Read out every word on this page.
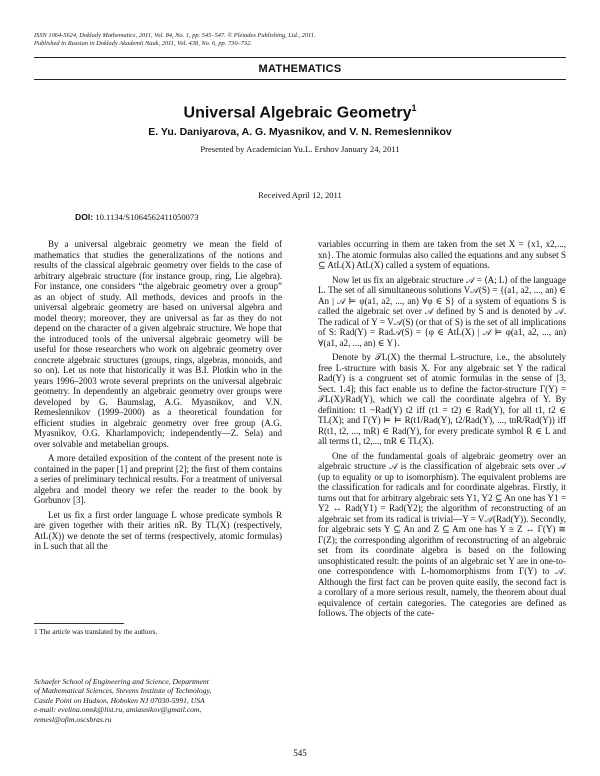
ISSN 1064-5624, Doklady Mathematics, 2011, Vol. 84, No. 1, pp. 545–547. © Pleiades Publishing, Ltd., 2011.
Published in Russian in Doklady Akademii Nauk, 2011, Vol. 438, No. 6, pp. 730–732.
MATHEMATICS
Universal Algebraic Geometry$^1$
E. Yu. Daniyarova, A. G. Myasnikov, and V. N. Remeslennikov
Presented by Academician Yu.L. Ershov January 24, 2011
Received April 12, 2011
DOI: 10.1134/S1064562411050073

By a universal algebraic geometry we mean the field of mathematics that studies the generalizations of the notions and results of the classical algebraic geometry over fields to the case of arbitrary algebraic structure (for instance group, ring, Lie algebra). For instance, one considers “the algebraic geometry over a group” as an object of study. All methods, devices and proofs in the universal algebraic geometry are based on universal algebra and model theory; moreover, they are universal as far as they do not depend on the character of a given algebraic structure. We hope that the introduced tools of the universal algebraic geometry will be useful for those researchers who work on algebraic geometry over concrete algebraic structures (groups, rings, algebras, monoids, and so on). Let us note that historically it was B.I. Plotkin who in the years 1996–2003 wrote several preprints on the universal algebraic geometry. In dependently an algebraic geometry over groups were developed by G. Baumslag, A.G. Myasnikov, and V.N. Remeslennikov (1999–2000) as a theoretical foundation for efficient studies in algebraic geometry over free group (A.G. Myasnikov, O.G. Kharlampovich; independently—Z. Sela) and over solvable and metabelian groups.

A more detailed exposition of the content of the present note is contained in the paper [1] and preprint [2]; the first of them contains a series of preliminary technical results. For a treatment of universal algebra and model theory we refer the reader to the book by Gorbunov [3].

Let us fix a first order language L whose predicate symbols R are given together with their arities nR. By TL(X) (respectively, AtL(X)) we denote the set of terms (respectively, atomic formulas) in L such that all the

variables occurring in them are taken from the set X = {x1, x2,..., xn}. The atomic formulas also called the equations and any subset S ⊆ AtL(X) AtL(X) called a system of equations.

Now let us fix an algebraic structure 𝒜 = ⟨A; L⟩ of the language L. The set of all simultaneous solutions V𝒜(S) = {(a1, a2, ..., an) ∈ An | 𝒜 ⊨ φ(a1, a2, ..., an) ∀φ ∈ S} of a system of equations S is called the algebraic set over 𝒜 defined by S and is denoted by 𝒜. The radical of Y = V𝒜(S) (or that of S) is the set of all implications of S: Rad(Y) = Rad𝒜(S) = {φ ∈ AtL(X) | 𝒜 ⊨ φ(a1, a2, ..., an) ∀(a1, a2, ..., an) ∈ Y}.

Denote by 𝒯L(X) the thermal L-structure, i.e., the absolutely free L-structure with basis X. For any algebraic set Y the radical Rad(Y) is a congruent set of atomic formulas in the sense of [3, Sect. 1.4]; this fact enable us to define the factor-structure Γ(Y) = 𝒯L(X)/Rad(Y), which we call the coordinate algebra of Y. By definition: t1 ~Rad(Y) t2 iff (t1 = t2) ∈ Rad(Y), for all t1, t2 ∈ TL(X); and Γ(Y) ⊨ ⊨ R(t1/Rad(Y), t2/Rad(Y), ..., tnR/Rad(Y)) iff R(t1, t2, ..., tnR) ∈ Rad(Y), for every predicate symbol R ∈ L and all terms t1, t2,..., tnR ∈ TL(X).

One of the fundamental goals of algebraic geometry over an algebraic structure 𝒜 is the classification of algebraic sets over 𝒜 (up to equality or up to isomorphism). The equivalent problems are the classification for radicals and for coordinate algebras. Firstly, it turns out that for arbitrary algebraic sets Y1, Y2 ⊆ An one has Y1 = Y2 ↔ Rad(Y1) = Rad(Y2); the algorithm of reconstructing of an algebraic set from its radical is trivial—Y = V𝒜(Rad(Y)). Secondly, for algebraic sets Y ⊆ An and Z ⊆ Am one has Y ≅ Z ↔ Γ(Y) ≅ Γ(Z); the corresponding algorithm of reconstructing of an algebraic set from its coordinate algebra is based on the following unsophisticated result: the points of an algebraic set Y are in one-to-one correspondence with L-homomorphisms from Γ(Y) to 𝒜. Although the first fact can be proven quite easily, the second fact is a corollary of a more serious result, namely, the theorem about dual equivalence of certain categories. The categories are defined as follows. The objects of the cate-

1 The article was translated by the authors.
Schaefer School of Engineering and Science, Department
of Mathematical Sciences, Stevens Institute of Technology,
Castle Point on Hudson, Hoboken NJ 07030-5991, USA
e-mail: evelina.omsk@list.ru, amiasnikov@gmail.com,
remesl@ofim.oscsbras.ru
545
